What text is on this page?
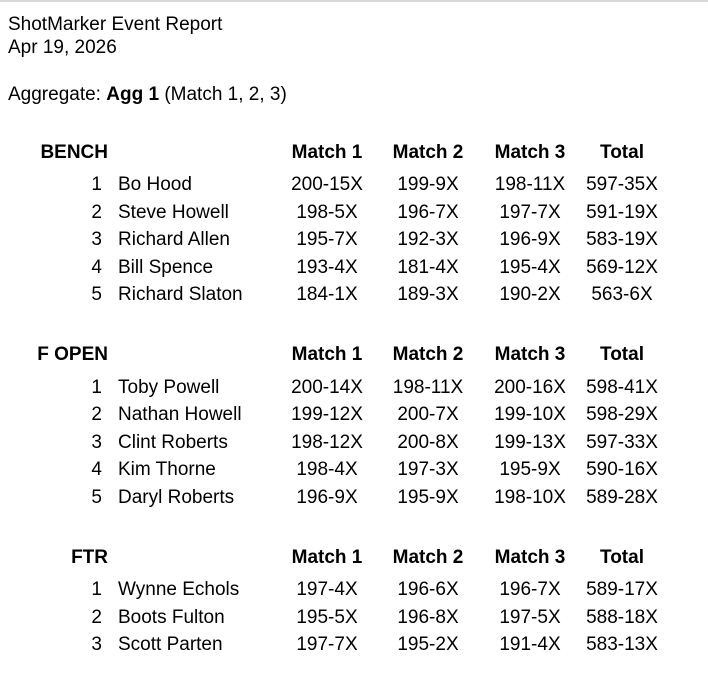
ShotMarker Event Report
Apr 19, 2026
Aggregate: Agg 1 (Match 1, 2, 3)
BENCH	Match 1	Match 2	Match 3	Total
1 Bo Hood	200-15X	199-9X	198-11X	597-35X
2 Steve Howell	198-5X	196-7X	197-7X	591-19X
3 Richard Allen	195-7X	192-3X	196-9X	583-19X
4 Bill Spence	193-4X	181-4X	195-4X	569-12X
5 Richard Slaton	184-1X	189-3X	190-2X	563-6X
F OPEN	Match 1	Match 2	Match 3	Total
1 Toby Powell	200-14X	198-11X	200-16X	598-41X
2 Nathan Howell	199-12X	200-7X	199-10X	598-29X
3 Clint Roberts	198-12X	200-8X	199-13X	597-33X
4 Kim Thorne	198-4X	197-3X	195-9X	590-16X
5 Daryl Roberts	196-9X	195-9X	198-10X	589-28X
FTR	Match 1	Match 2	Match 3	Total
1 Wynne Echols	197-4X	196-6X	196-7X	589-17X
2 Boots Fulton	195-5X	196-8X	197-5X	588-18X
3 Scott Parten	197-7X	195-2X	191-4X	583-13X
